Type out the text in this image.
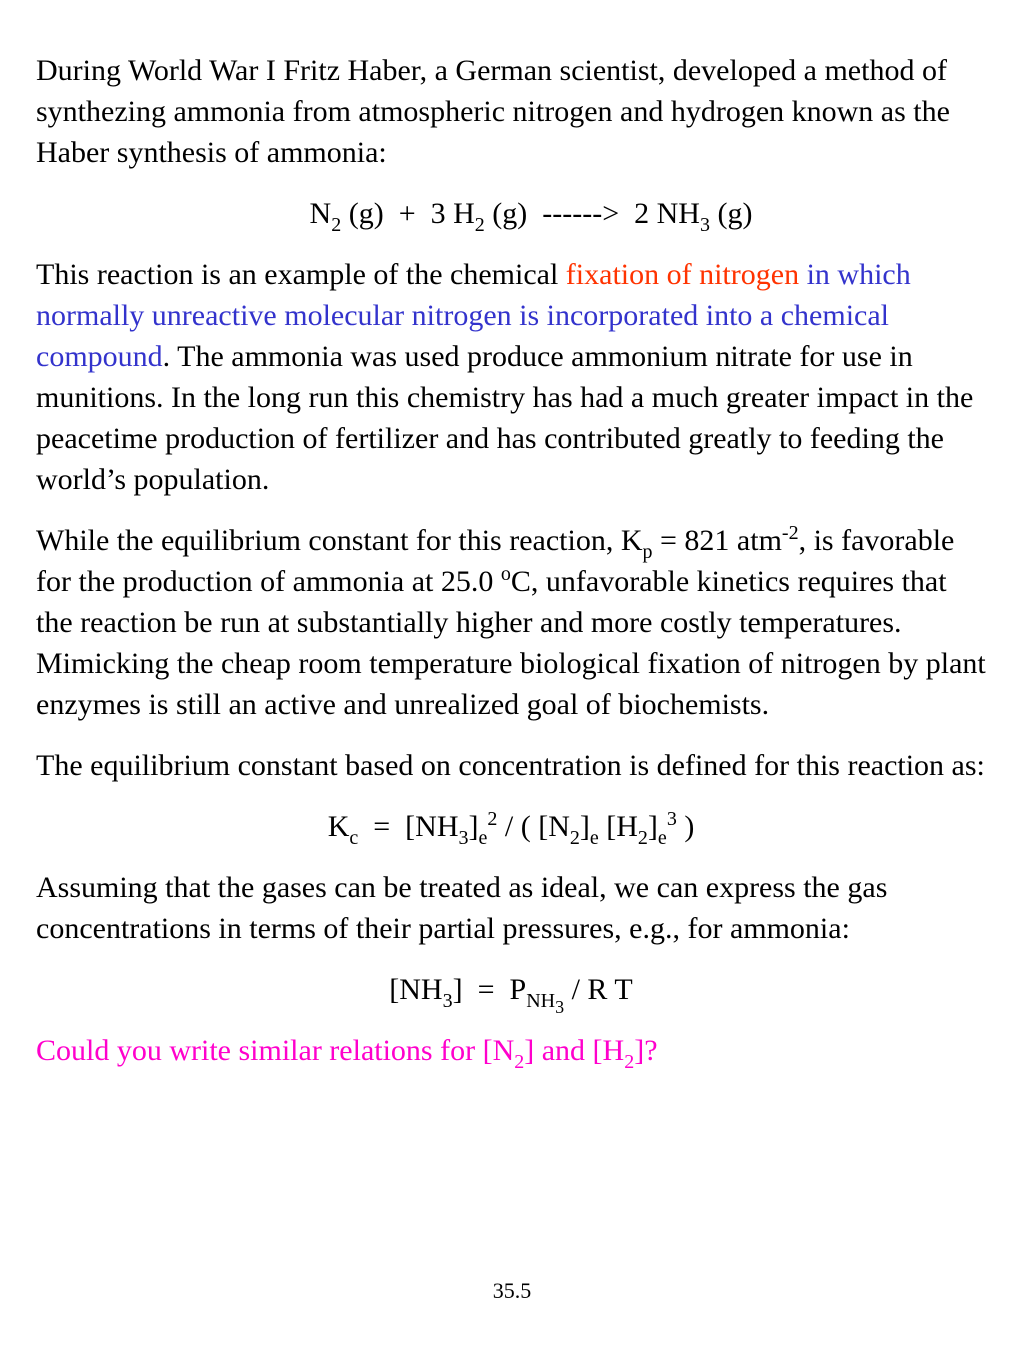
During World War I Fritz Haber, a German scientist, developed a method of synthezing ammonia from atmospheric nitrogen and hydrogen known as the Haber synthesis of ammonia:

$N_2$ (g)  +  3 $H_2$ (g)  ------>  2 $NH_3$ (g)

This reaction is an example of the chemical fixation of nitrogen in which normally unreactive molecular nitrogen is incorporated into a chemical compound. The ammonia was used produce ammonium nitrate for use in munitions. In the long run this chemistry has had a much greater impact in the peacetime production of fertilizer and has contributed greatly to feeding the world’s population.

While the equilibrium constant for this reaction, $K_p = 821$ atm$^{-2}$, is favorable for the production of ammonia at 25.0 $^o$C, unfavorable kinetics requires that the reaction be run at substantially higher and more costly temperatures. Mimicking the cheap room temperature biological fixation of nitrogen by plant enzymes is still an active and unrealized goal of biochemists.

The equilibrium constant based on concentration is defined for this reaction as:

$K_c = [NH_3]_e^2$ / ( $[N_2]_e$ $[H_2]_e^3$ )

Assuming that the gases can be treated as ideal, we can express the gas concentrations in terms of their partial pressures, e.g., for ammonia:

$[NH_3] = P_{NH_3} / R$ T

Could you write similar relations for $[N_2]$ and $[H_2]$?

35.5
